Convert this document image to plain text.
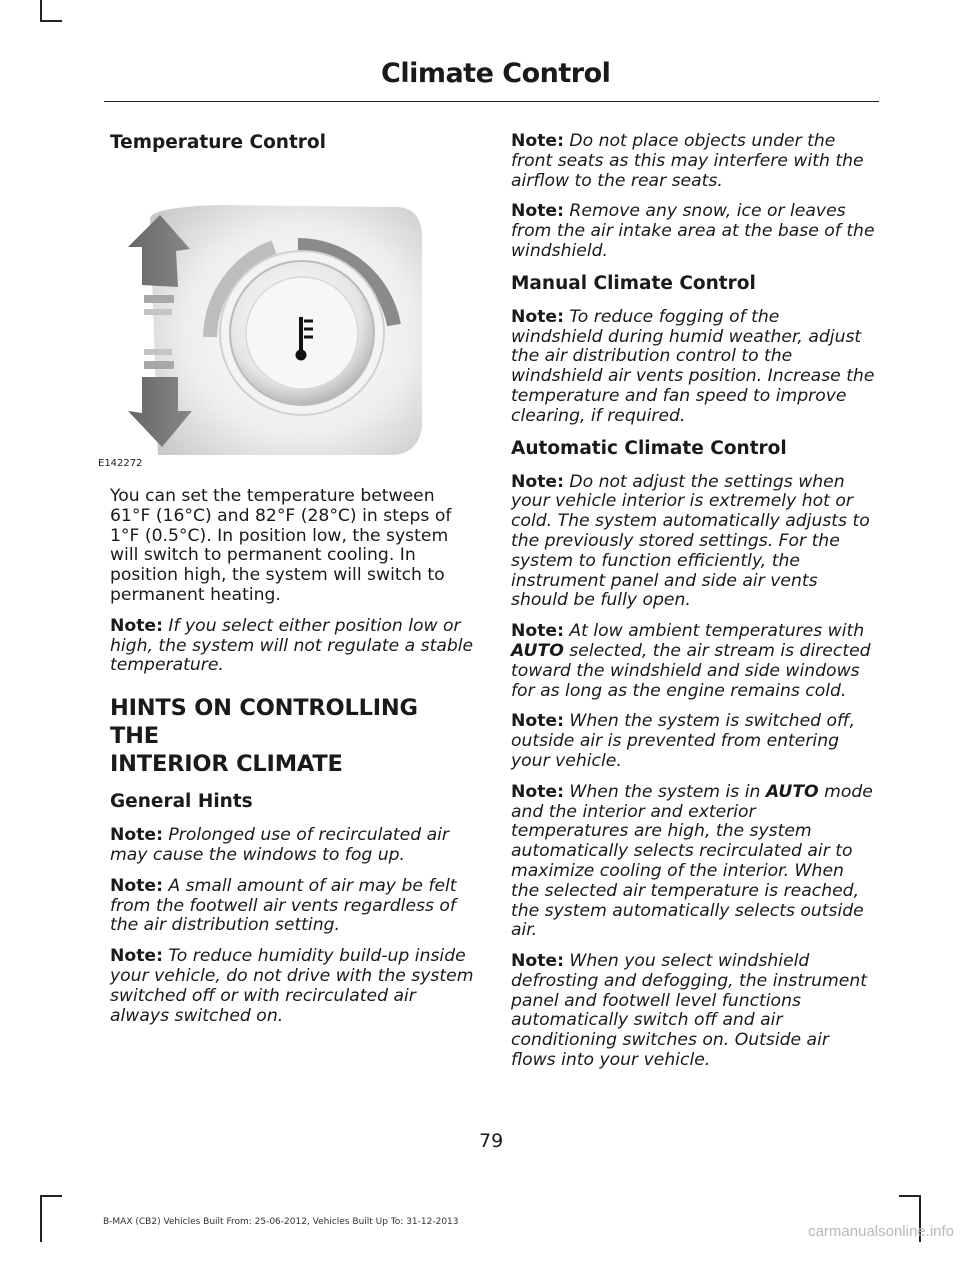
Climate Control
Temperature Control
E142272

You can set the temperature between 61°F (16°C) and 82°F (28°C) in steps of 1°F (0.5°C). In position low, the system will switch to permanent cooling. In position high, the system will switch to permanent heating.

Note: If you select either position low or high, the system will not regulate a stable temperature.

HINTS ON CONTROLLING THE
INTERIOR CLIMATE
General Hints

Note: Prolonged use of recirculated air may cause the windows to fog up.

Note: A small amount of air may be felt from the footwell air vents regardless of the air distribution setting.

Note: To reduce humidity build-up inside your vehicle, do not drive with the system switched off or with recirculated air always switched on.

Note: Do not place objects under the front seats as this may interfere with the airflow to the rear seats.

Note: Remove any snow, ice or leaves from the air intake area at the base of the windshield.

Manual Climate Control

Note: To reduce fogging of the windshield during humid weather, adjust the air distribution control to the windshield air vents position. Increase the temperature and fan speed to improve clearing, if required.

Automatic Climate Control

Note: Do not adjust the settings when your vehicle interior is extremely hot or cold. The system automatically adjusts to the previously stored settings. For the system to function efficiently, the instrument panel and side air vents should be fully open.

Note: At low ambient temperatures with AUTO selected, the air stream is directed toward the windshield and side windows for as long as the engine remains cold.

Note: When the system is switched off, outside air is prevented from entering your vehicle.

Note: When the system is in AUTO mode and the interior and exterior temperatures are high, the system automatically selects recirculated air to maximize cooling of the interior. When the selected air temperature is reached, the system automatically selects outside air.

Note: When you select windshield defrosting and defogging, the instrument panel and footwell level functions automatically switch off and air conditioning switches on. Outside air flows into your vehicle.

79
B-MAX (CB2) Vehicles Built From: 25-06-2012, Vehicles Built Up To: 31-12-2013
carmanualsonline.info
